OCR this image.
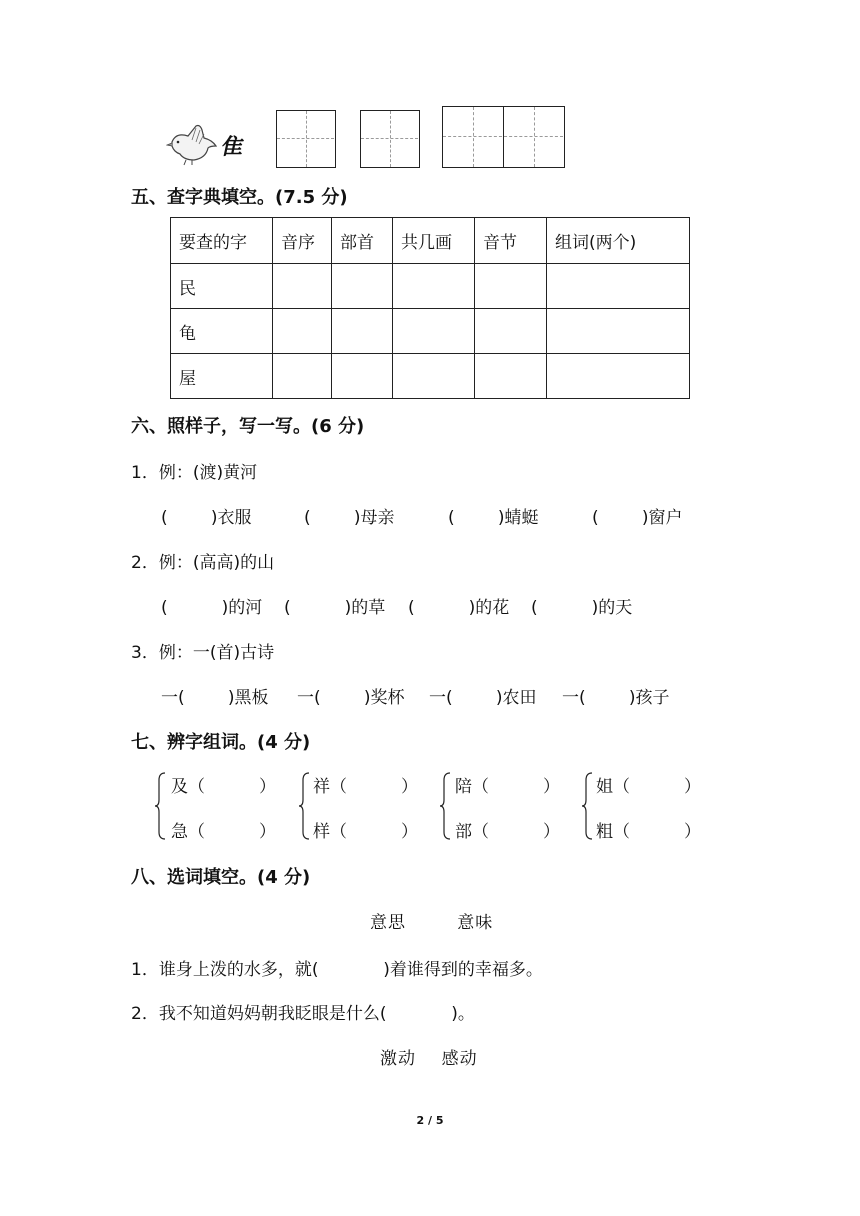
隹
五、查字典填空。(7.5 分)
要查的字	音序	部首	共几画	音节	组词(两个)
民					
龟					
屋					
六、照样子，写一写。(6 分)
1．例：(渡)黄河
(        )衣服	(        )母亲	(        )蜻蜓	(        )窗户
2．例：(高高)的山
(          )的河 (          )的草 (          )的花 (          )的天
3．例：一(首)古诗
一(        )黑板 一(        )奖杯 一(        )农田 一(        )孩子
七、辨字组词。(4 分)
及（          ）
急（          ）
祥（          ）
样（          ）
陪（          ）
部（          ）
姐（          ）
粗（          ）
八、选词填空。(4 分)
意思        意味
1．谁身上泼的水多，就(            )着谁得到的幸福多。
2．我不知道妈妈朝我眨眼是什么(            )。
激动    感动
2 / 5
